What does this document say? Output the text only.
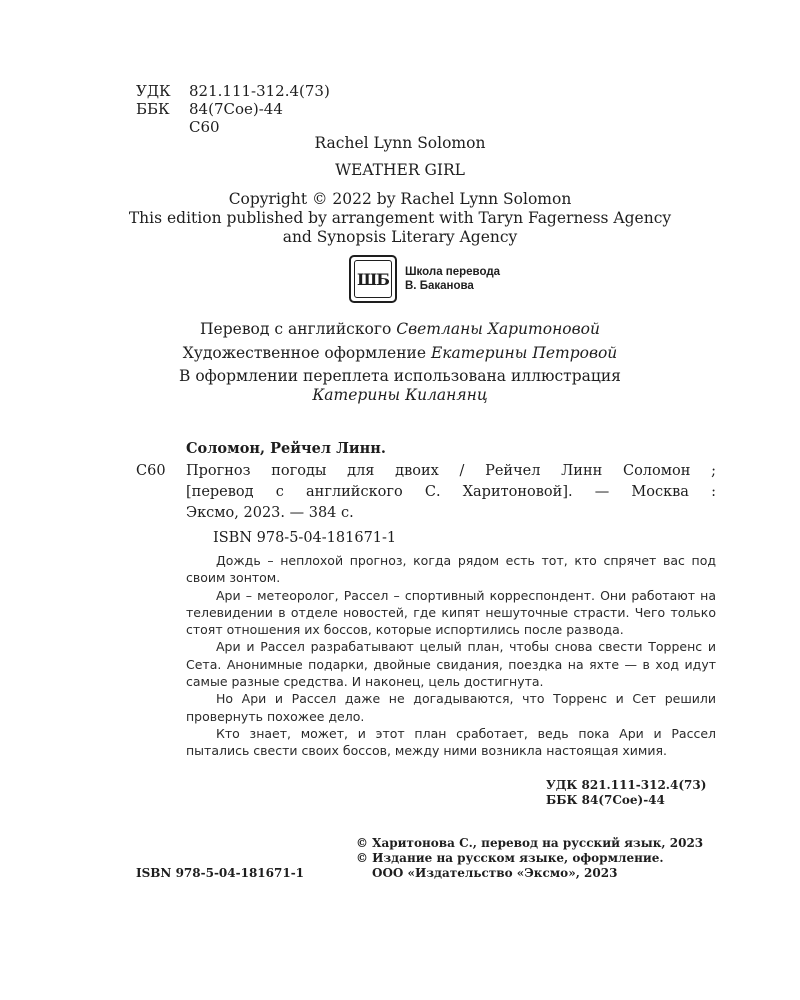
УДК 821.111-312.4(73)
ББК 84(7Сое)-44
С60
Rachel Lynn Solomon
WEATHER GIRL
Copyright © 2022 by Rachel Lynn Solomon
This edition published by arrangement with Taryn Fagerness Agency
and Synopsis Literary Agency
ШБ Школа перевода
В. Баканова
Перевод с английского Светланы Харитоновой
Художественное оформление Екатерины Петровой
В оформлении переплета использована иллюстрация
Катерины Киланянц
Соломон, Рейчел Линн.
С60 Прогноз погоды для двоих / Рейчел Линн Соломон ;
[перевод с английского С. Харитоновой]. — Москва :
Эксмо, 2023. — 384 с.
ISBN 978-5-04-181671-1

Дождь – неплохой прогноз, когда рядом есть тот, кто спрячет вас под своим зонтом.

Ари – метеоролог, Рассел – спортивный корреспондент. Они работают на телевидении в отделе новостей, где кипят нешуточные страсти. Чего только стоят отношения их боссов, которые испортились после развода.

Ари и Рассел разрабатывают целый план, чтобы снова свести Торренс и Сета. Анонимные подарки, двойные свидания, поездка на яхте — в ход идут самые разные средства. И наконец, цель достигнута.

Но Ари и Рассел даже не догадываются, что Торренс и Сет решили провернуть похожее дело.

Кто знает, может, и этот план сработает, ведь пока Ари и Рассел пытались свести своих боссов, между ними возникла настоящая химия.

УДК 821.111-312.4(73)
ББК 84(7Сое)-44
© Харитонова С., перевод на русский язык, 2023
© Издание на русском языке, оформление.
ООО «Издательство «Эксмо», 2023
ISBN 978-5-04-181671-1
